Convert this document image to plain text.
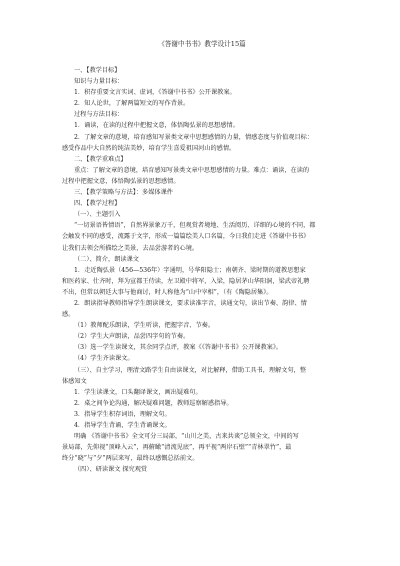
《答谢中书书》教学设计15篇
一、【教学目标】
知识与力量目标：
1．积存重要文言实词、虚词，《答谢中书书》公开课教案。
2．知人论世，了解两篇短文的写作背景。
过程与方法目标：
1．诵读，在读的过程中把握文意，体悟陶弘景的思想感情。
2．了解文章的意境，培育感知写景类文章中思想感情的力量，情感态度与价值观目标：
感受作品中大自然的纯洁美妙，培育学生喜爱祖国河山的感情。
二、【教学重难点】
重点：了解文章的意境，培育感知写景类文章中思想感情的力量。难点：诵读，在读的
过程中把握文意，体悟陶弘景的思想感情。
三、【教学策略与方法】：多媒体课件
四、【教学过程】
（一）、主题引入
“一切景语皆情语”，自然界景象万千，但观赏者境地、生活阅历、详细的心境的不同，都
会触发不同的感受，流露于文字，形成一篇篇绘美人口名篇，今日我们走进《答谢中书书》
让我们去领会所描绘之美景，去品尝游者的心境。
（二）、简介，朗读课文
1．走近陶弘景（456—536年）字通明，号华阳隐士；南朝齐、梁时期的道教思想家
和医药家、仕齐时，拜为宣都王侍读，左卫殿中将军，入梁，隐居茅山华阳洞，梁武帝礼聘
不出，但常以朝廷大事与他商讨，时人称他为“山中宰相”，（有《陶隐居集》。
2．朗读指导教师指导学生朗读课文，要求读准字音，读通文句，读出节奏、韵律、情
感。
（1）教师配乐朗读，学生听读，把握字音、节奏。
（2）学生大声朗读，品尝四字句的节奏。
（3）选一学生读课文，其余同学点评，教案《《答谢中书书》公开课教案》。
（4）学生齐读课文。
（三）、自主学习，理清文路学生自由读课文，对比解释，借助工具书，理解文句，整
体感知文
1．学生读课文，口头翻译课文，画出疑难句。
2．桌之间争论沟通，解决疑难问题，教师巡察解惑指导。
3．指导学生积存词语，理解文句。
4．指导学生背诵，学生背诵课文。
明确 《答谢中书书》全文可分三局部，“山川之美，古来共谈”总领全文，中间的写
景局部，先仰视“顶峰入云”，再俯瞰“清流见底”，再平视“两岸石壁”“青林翠竹”，最
终分“晓”与“夕”两层来写，最终以感慨总括前文。
（四）、研读课文 探究观赏
